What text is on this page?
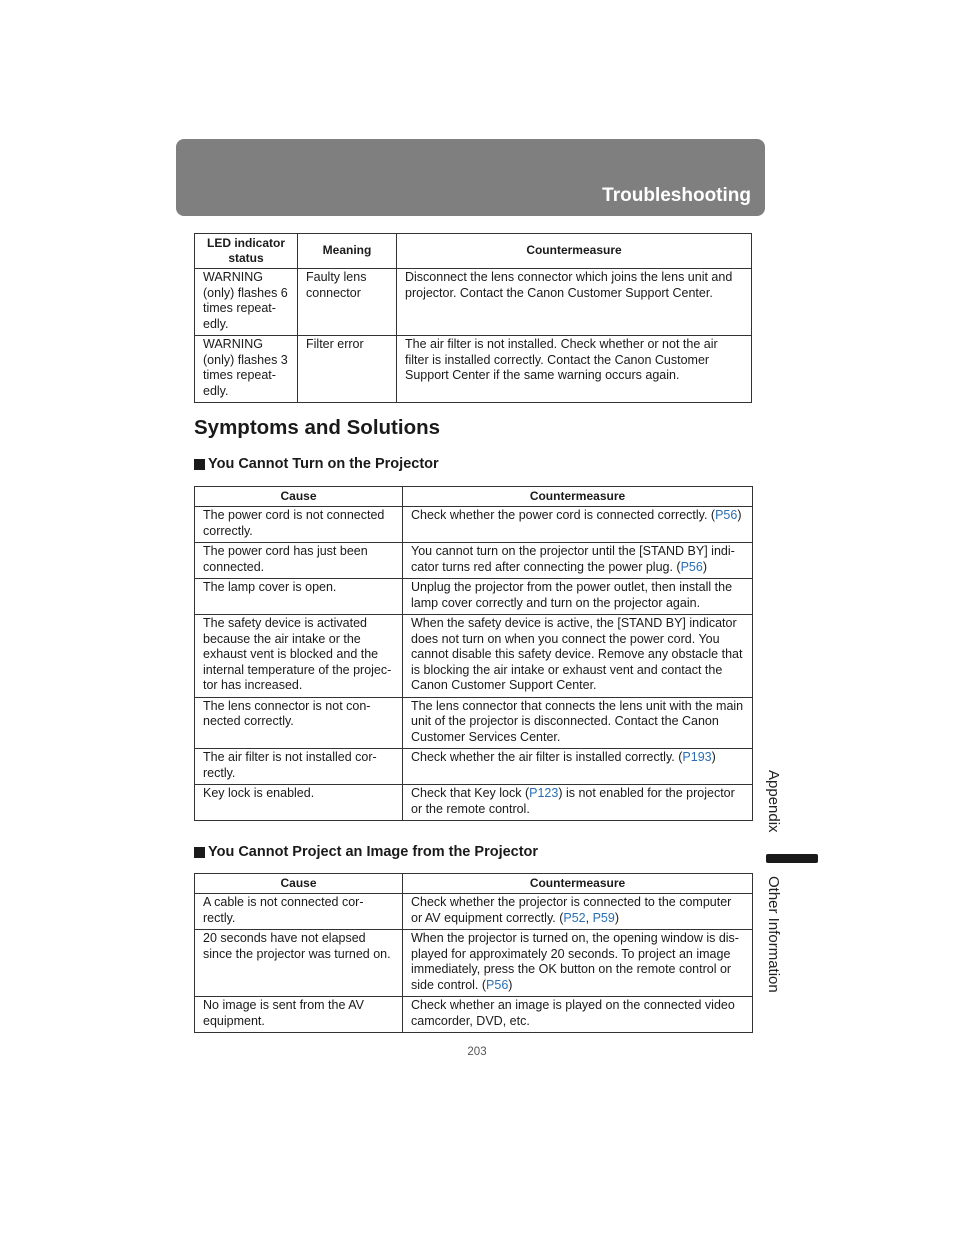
Troubleshooting
LED indicator status	Meaning	Countermeasure
WARNING (only) flashes 6 times repeat-edly.	Faulty lens connector	Disconnect the lens connector which joins the lens unit and projector. Contact the Canon Customer Support Center.
WARNING (only) flashes 3 times repeat-edly.	Filter error	The air filter is not installed. Check whether or not the air filter is installed correctly. Contact the Canon Customer Support Center if the same warning occurs again.
Symptoms and Solutions
You Cannot Turn on the Projector
Cause	Countermeasure
The power cord is not connected correctly.	Check whether the power cord is connected correctly. (P56)
The power cord has just been connected.	You cannot turn on the projector until the [STAND BY] indi-cator turns red after connecting the power plug. (P56)
The lamp cover is open.	Unplug the projector from the power outlet, then install the lamp cover correctly and turn on the projector again.
The safety device is activated because the air intake or the exhaust vent is blocked and the internal temperature of the projec-tor has increased.	When the safety device is active, the [STAND BY] indicator does not turn on when you connect the power cord. You cannot disable this safety device. Remove any obstacle that is blocking the air intake or exhaust vent and contact the Canon Customer Support Center.
The lens connector is not con-nected correctly.	The lens connector that connects the lens unit with the main unit of the projector is disconnected. Contact the Canon Customer Services Center.
The air filter is not installed cor-rectly.	Check whether the air filter is installed correctly. (P193)
Key lock is enabled.	Check that Key lock (P123) is not enabled for the projector or the remote control.
You Cannot Project an Image from the Projector
Cause	Countermeasure
A cable is not connected cor-rectly.	Check whether the projector is connected to the computer or AV equipment correctly. (P52, P59)
20 seconds have not elapsed since the projector was turned on.	When the projector is turned on, the opening window is dis-played for approximately 20 seconds. To project an image immediately, press the OK button on the remote control or side control. (P56)
No image is sent from the AV equipment.	Check whether an image is played on the connected video camcorder, DVD, etc.
Appendix
Other Information
203
